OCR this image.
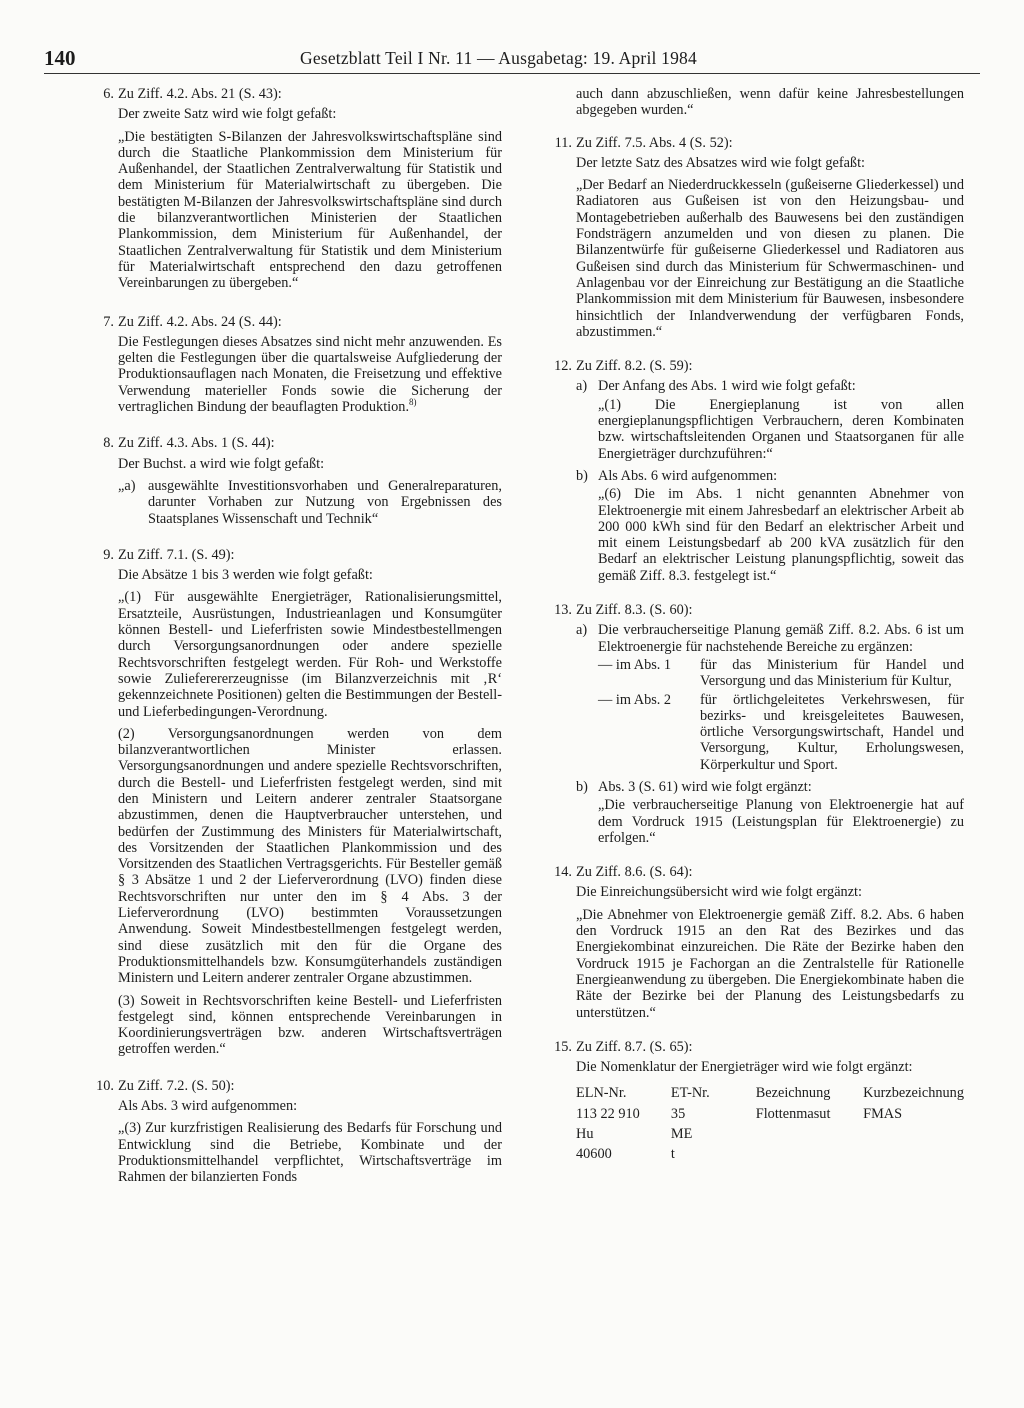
140	Gesetzblatt Teil I Nr. 11 — Ausgabetag: 19. April 1984
6. Zu Ziff. 4.2. Abs. 21 (S. 43):

Der zweite Satz wird wie folgt gefaßt:

„Die bestätigten S-Bilanzen der Jahresvolkswirtschaftspläne sind durch die Staatliche Plankommission dem Ministerium für Außenhandel, der Staatlichen Zentralverwaltung für Statistik und dem Ministerium für Materialwirtschaft zu übergeben. Die bestätigten M-Bilanzen der Jahresvolkswirtschaftspläne sind durch die bilanzverantwortlichen Ministerien der Staatlichen Plankommission, dem Ministerium für Außenhandel, der Staatlichen Zentralverwaltung für Statistik und dem Ministerium für Materialwirtschaft entsprechend den dazu getroffenen Vereinbarungen zu übergeben.“

7. Zu Ziff. 4.2. Abs. 24 (S. 44):

Die Festlegungen dieses Absatzes sind nicht mehr anzuwenden. Es gelten die Festlegungen über die quartalsweise Aufgliederung der Produktionsauflagen nach Monaten, die Freisetzung und effektive Verwendung materieller Fonds sowie die Sicherung der vertraglichen Bindung der beauflagten Produktion.$^{8)}$

8. Zu Ziff. 4.3. Abs. 1 (S. 44):

Der Buchst. a wird wie folgt gefaßt:

„a) ausgewählte Investitionsvorhaben und Generalreparaturen, darunter Vorhaben zur Nutzung von Ergebnissen des Staatsplanes Wissenschaft und Technik“
9. Zu Ziff. 7.1. (S. 49):

Die Absätze 1 bis 3 werden wie folgt gefaßt:

„(1) Für ausgewählte Energieträger, Rationalisierungsmittel, Ersatzteile, Ausrüstungen, Industrieanlagen und Konsumgüter können Bestell- und Lieferfristen sowie Mindestbestellmengen durch Versorgungsanordnungen oder andere spezielle Rechtsvorschriften festgelegt werden. Für Roh- und Werkstoffe sowie Zulieferererzeugnisse (im Bilanzverzeichnis mit ‚R‘ gekennzeichnete Positionen) gelten die Bestimmungen der Bestell- und Lieferbedingungen-Verordnung.

(2) Versorgungsanordnungen werden von dem bilanzverantwortlichen Minister erlassen. Versorgungsanordnungen und andere spezielle Rechtsvorschriften, durch die Bestell- und Lieferfristen festgelegt werden, sind mit den Ministern und Leitern anderer zentraler Staatsorgane abzustimmen, denen die Hauptverbraucher unterstehen, und bedürfen der Zustimmung des Ministers für Materialwirtschaft, des Vorsitzenden der Staatlichen Plankommission und des Vorsitzenden des Staatlichen Vertragsgerichts. Für Besteller gemäß § 3 Absätze 1 und 2 der Lieferverordnung (LVO) finden diese Rechtsvorschriften nur unter den im § 4 Abs. 3 der Lieferverordnung (LVO) bestimmten Voraussetzungen Anwendung. Soweit Mindestbestellmengen festgelegt werden, sind diese zusätzlich mit den für die Organe des Produktionsmittelhandels bzw. Konsumgüterhandels zuständigen Ministern und Leitern anderer zentraler Organe abzustimmen.

(3) Soweit in Rechtsvorschriften keine Bestell- und Lieferfristen festgelegt sind, können entsprechende Vereinbarungen in Koordinierungsverträgen bzw. anderen Wirtschaftsverträgen getroffen werden.“

10. Zu Ziff. 7.2. (S. 50):

Als Abs. 3 wird aufgenommen:

„(3) Zur kurzfristigen Realisierung des Bedarfs für Forschung und Entwicklung sind die Betriebe, Kombinate und der Produktionsmittelhandel verpflichtet, Wirtschaftsverträge im Rahmen der bilanzierten Fonds

auch dann abzuschließen, wenn dafür keine Jahresbestellungen abgegeben wurden.“

11. Zu Ziff. 7.5. Abs. 4 (S. 52):

Der letzte Satz des Absatzes wird wie folgt gefaßt:

„Der Bedarf an Niederdruckkesseln (gußeiserne Gliederkessel) und Radiatoren aus Gußeisen ist von den Heizungsbau- und Montagebetrieben außerhalb des Bauwesens bei den zuständigen Fondsträgern anzumelden und von diesen zu planen. Die Bilanzentwürfe für gußeiserne Gliederkessel und Radiatoren aus Gußeisen sind durch das Ministerium für Schwermaschinen- und Anlagenbau vor der Einreichung zur Bestätigung an die Staatliche Plankommission mit dem Ministerium für Bauwesen, insbesondere hinsichtlich der Inlandverwendung der verfügbaren Fonds, abzustimmen.“

12. Zu Ziff. 8.2. (S. 59):
a) Der Anfang des Abs. 1 wird wie folgt gefaßt:
„(1) Die Energieplanung ist von allen energieplanungspflichtigen Verbrauchern, deren Kombinaten bzw. wirtschaftsleitenden Organen und Staatsorganen für alle Energieträger durchzuführen:“
b) Als Abs. 6 wird aufgenommen:
„(6) Die im Abs. 1 nicht genannten Abnehmer von Elektroenergie mit einem Jahresbedarf an elektrischer Arbeit ab 200 000 kWh sind für den Bedarf an elektrischer Arbeit und mit einem Leistungsbedarf ab 200 kVA zusätzlich für den Bedarf an elektrischer Leistung planungspflichtig, soweit das gemäß Ziff. 8.3. festgelegt ist.“
13. Zu Ziff. 8.3. (S. 60):
a) Die verbraucherseitige Planung gemäß Ziff. 8.2. Abs. 6 ist um Elektroenergie für nachstehende Bereiche zu ergänzen:
— im Abs. 1	für das Ministerium für Handel und Versorgung und das Ministerium für Kultur,
— im Abs. 2	für örtlichgeleitetes Verkehrswesen, für bezirks- und kreisgeleitetes Bauwesen, örtliche Versorgungswirtschaft, Handel und Versorgung, Kultur, Erholungswesen, Körperkultur und Sport.
b) Abs. 3 (S. 61) wird wie folgt ergänzt:
„Die verbraucherseitige Planung von Elektroenergie hat auf dem Vordruck 1915 (Leistungsplan für Elektroenergie) zu erfolgen.“
14. Zu Ziff. 8.6. (S. 64):

Die Einreichungsübersicht wird wie folgt ergänzt:

„Die Abnehmer von Elektroenergie gemäß Ziff. 8.2. Abs. 6 haben den Vordruck 1915 an den Rat des Bezirkes und das Energiekombinat einzureichen. Die Räte der Bezirke haben den Vordruck 1915 je Fachorgan an die Zentralstelle für Rationelle Energieanwendung zu übergeben. Die Energiekombinate haben die Räte der Bezirke bei der Planung des Leistungsbedarfs zu unterstützen.“

15. Zu Ziff. 8.7. (S. 65):

Die Nomenklatur der Energieträger wird wie folgt ergänzt:

ELN-Nr.	ET-Nr.	Bezeichnung	Kurzbezeichnung
113 22 910	35	Flottenmasut	FMAS
Hu	ME		
40600	t		
